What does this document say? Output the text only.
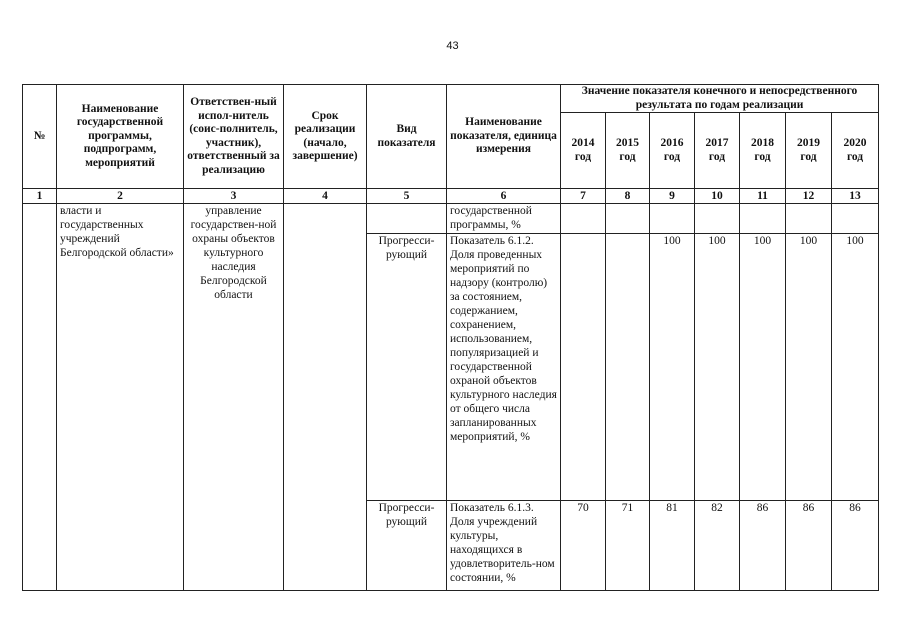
43
№	Наименование государственной программы, подпрограмм, мероприятий	Ответствен-ный испол-нитель (соис-полнитель, участник), ответственный за реализацию	Срок реализации (начало, завершение)	Вид показателя	Наименование показателя, единица измерения	Значение показателя конечного и непосредственного результата по годам реализации						
						2014 год	2015 год	2016 год	2017 год	2018 год	2019 год	2020 год
1	2	3	4	5	6	7	8	9	10	11	12	13
	власти и государственных учреждений Белгородской области»	управление государствен-ной охраны объектов культурного наследия Белгородской области			государственной программы, %							
				Прогресси-рующий	Показатель 6.1.2. Доля проведенных мероприятий по надзору (контролю) за состоянием, содержанием, сохранением, использованием, популяризацией и государственной охраной объектов культурного наследия от общего числа запланированных мероприятий, %			100	100	100	100	100
				Прогресси-рующий	Показатель 6.1.3. Доля учреждений культуры, находящихся в удовлетворитель-ном состоянии, %	70	71	81	82	86	86	86
